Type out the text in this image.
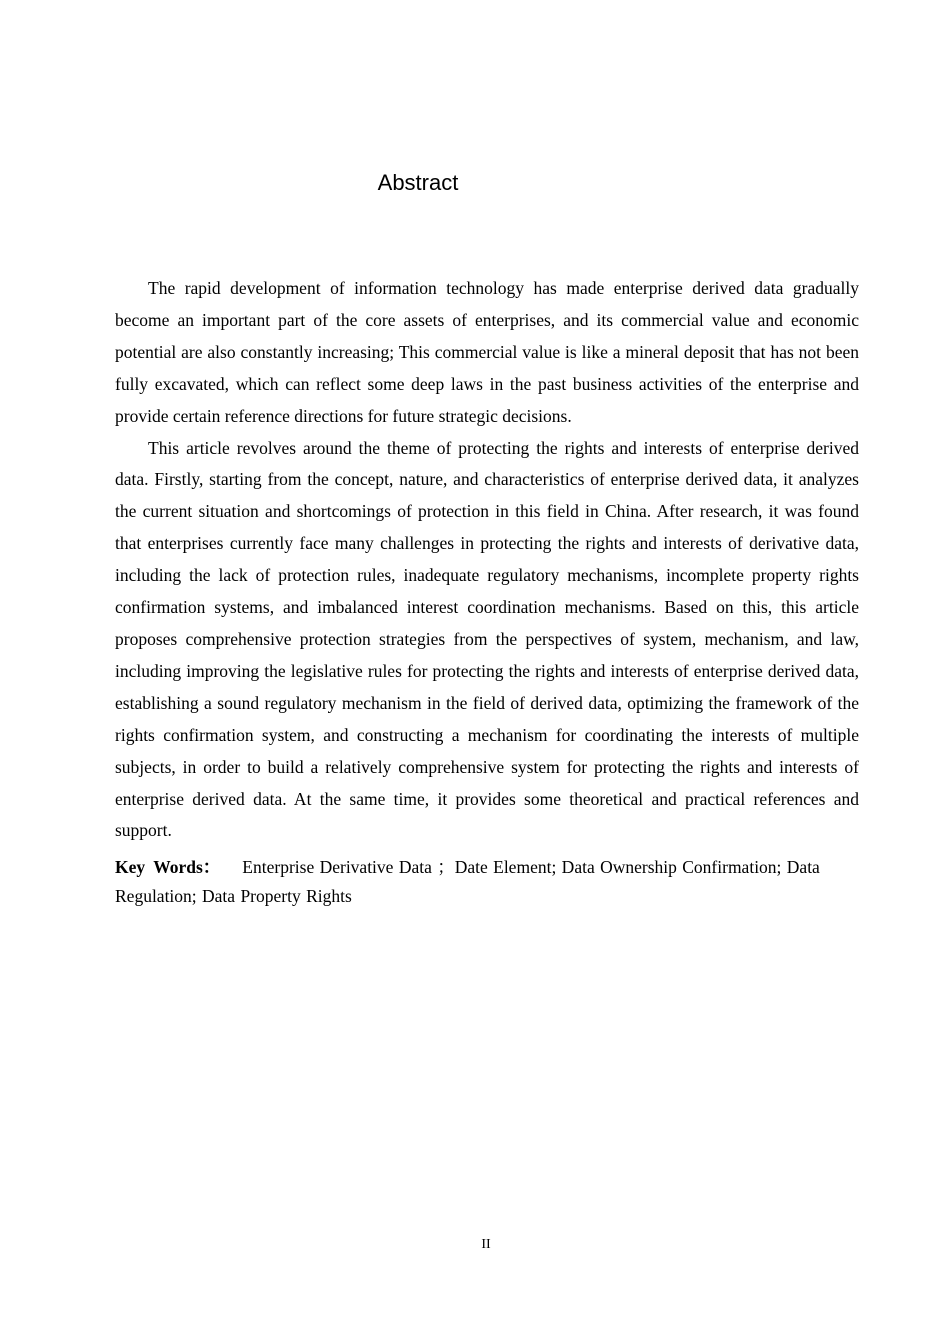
Abstract

The rapid development of information technology has made enterprise derived data gradually become an important part of the core assets of enterprises, and its commercial value and economic potential are also constantly increasing; This commercial value is like a mineral deposit that has not been fully excavated, which can reflect some deep laws in the past business activities of the enterprise and provide certain reference directions for future strategic decisions.

This article revolves around the theme of protecting the rights and interests of enterprise derived data. Firstly, starting from the concept, nature, and characteristics of enterprise derived data, it analyzes the current situation and shortcomings of protection in this field in China. After research, it was found that enterprises currently face many challenges in protecting the rights and interests of derivative data, including the lack of protection rules, inadequate regulatory mechanisms, incomplete property rights confirmation systems, and imbalanced interest coordination mechanisms. Based on this, this article proposes comprehensive protection strategies from the perspectives of system, mechanism, and law, including improving the legislative rules for protecting the rights and interests of enterprise derived data, establishing a sound regulatory mechanism in the field of derived data, optimizing the framework of the rights confirmation system, and constructing a mechanism for coordinating the interests of multiple subjects, in order to build a relatively comprehensive system for protecting the rights and interests of enterprise derived data. At the same time, it provides some theoretical and practical references and support.

Key Words： Enterprise Derivative Data ；Date Element; Data Ownership Confirmation; Data Regulation; Data Property Rights

II
